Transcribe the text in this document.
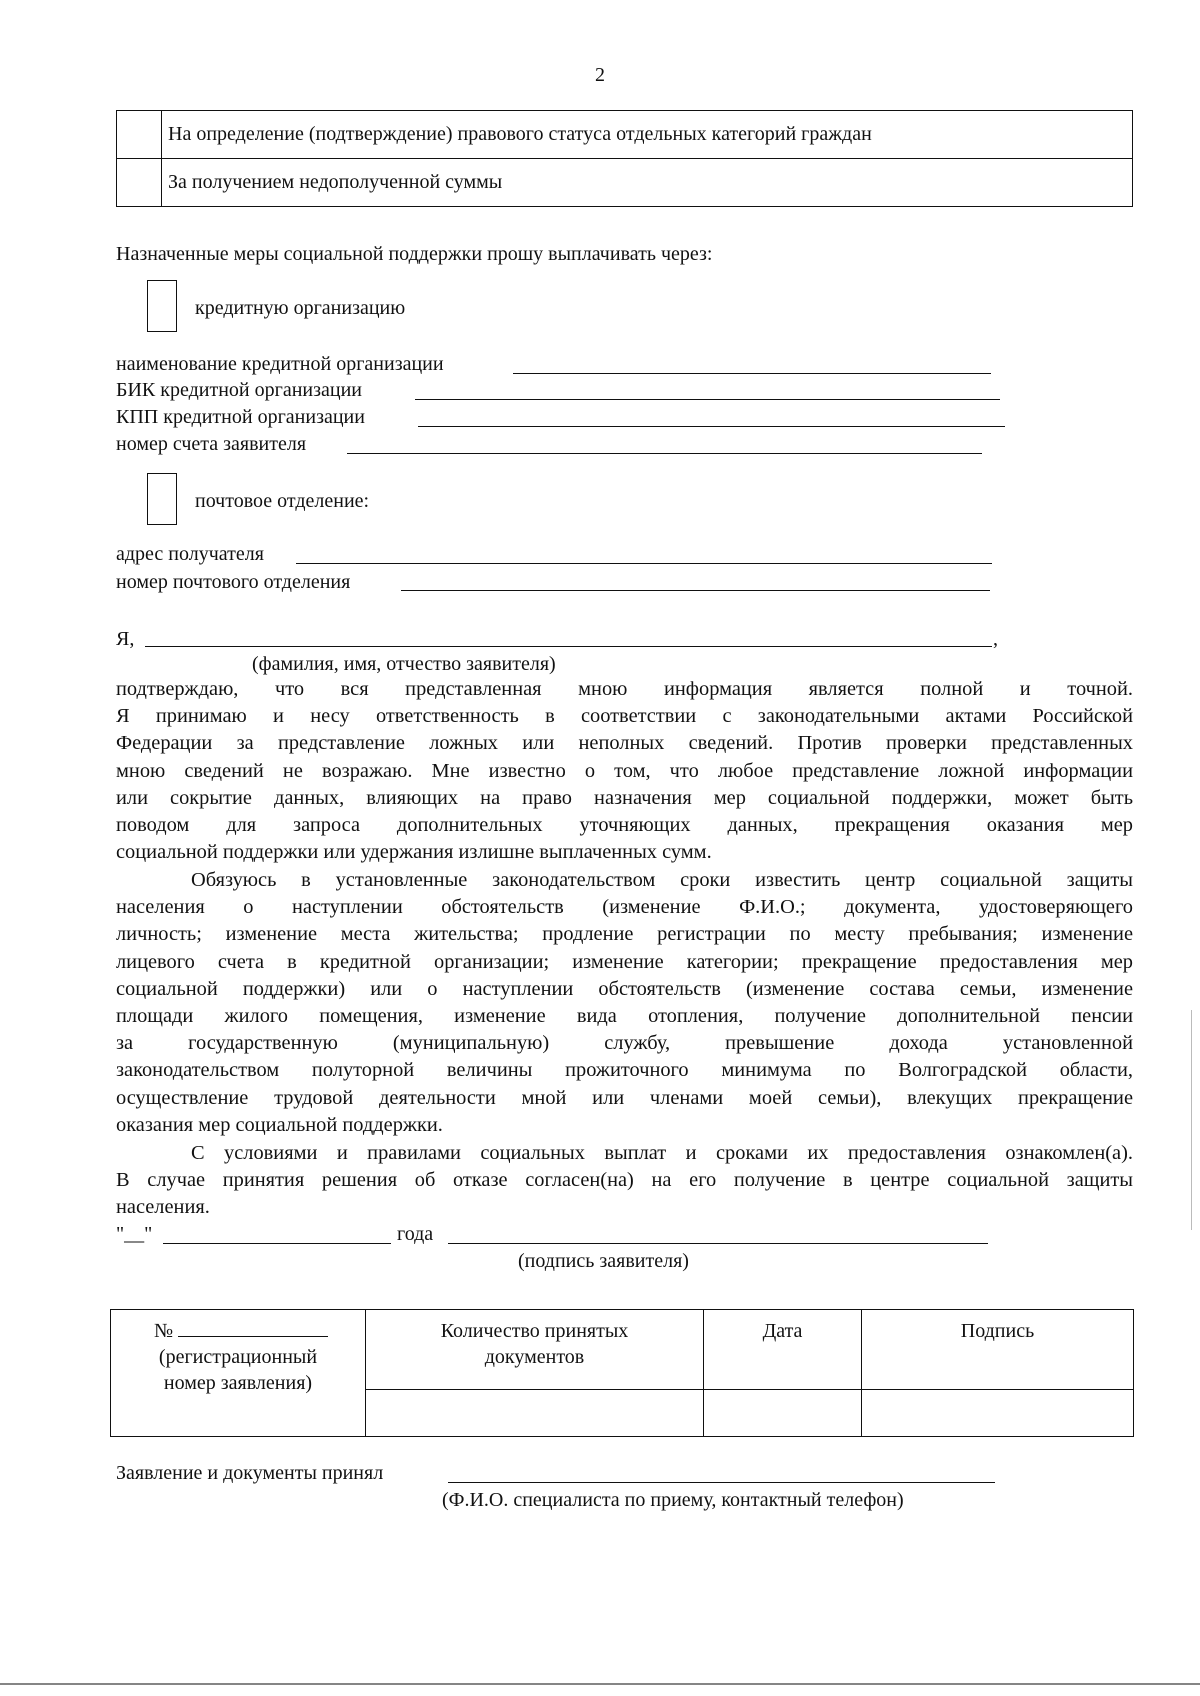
2
	На определение (подтверждение) правового статуса отдельных категорий граждан
	За получением недополученной суммы
Назначенные меры социальной поддержки прошу выплачивать через:
кредитную организацию
наименование кредитной организации
БИК кредитной организации
КПП кредитной организации
номер счета заявителя
почтовое отделение:
адрес получателя
номер почтового отделения
Я,	,
(фамилия, имя, отчество заявителя)
подтверждаю, что вся представленная мною информация является полной и точной.
Я принимаю и несу ответственность в соответствии с законодательными актами Российской
Федерации за представление ложных или неполных сведений. Против проверки представленных
мною сведений не возражаю. Мне известно о том, что любое представление ложной информации
или сокрытие данных, влияющих на право назначения мер социальной поддержки, может быть
поводом для запроса дополнительных уточняющих данных, прекращения оказания мер
социальной поддержки или удержания излишне выплаченных сумм.
Обязуюсь в установленные законодательством сроки известить центр социальной защиты
населения о наступлении обстоятельств (изменение Ф.И.О.; документа, удостоверяющего
личность; изменение места жительства; продление регистрации по месту пребывания; изменение
лицевого счета в кредитной организации; изменение категории; прекращение предоставления мер
социальной поддержки) или о наступлении обстоятельств (изменение состава семьи, изменение
площади жилого помещения, изменение вида отопления, получение дополнительной пенсии
за государственную (муниципальную) службу, превышение дохода установленной
законодательством полуторной величины прожиточного минимума по Волгоградской области,
осуществление трудовой деятельности мной или членами моей семьи), влекущих прекращение
оказания мер социальной поддержки.
С условиями и правилами социальных выплат и сроками их предоставления ознакомлен(а).
В случае принятия решения об отказе согласен(на) на его получение в центре социальной защиты
населения.
"__"	года
(подпись заявителя)
№
(регистрационный номер заявления)	Количество принятых документов	Дата	Подпись

Заявление и документы принял
(Ф.И.О. специалиста по приему, контактный телефон)
